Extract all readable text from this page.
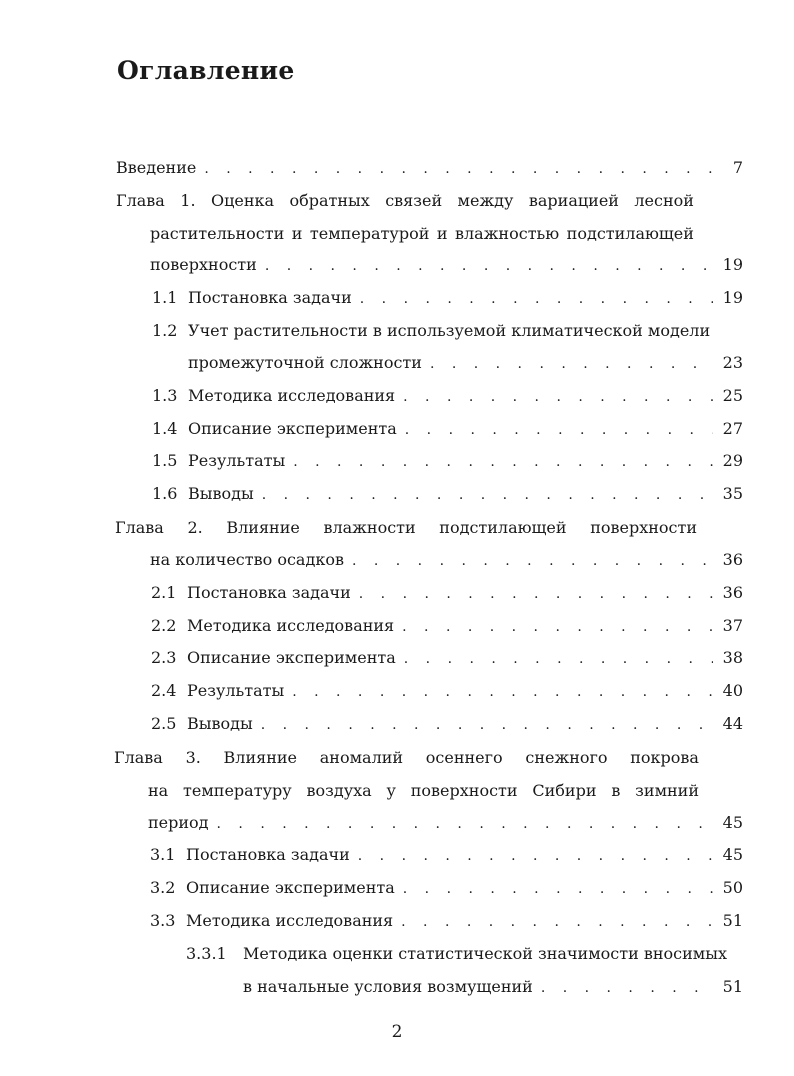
Оглавление
Введение . . .	7
Глава 1. Оценка обратных связей между вариацией лесной
растительности и температурой и влажностью подстилающей
поверхности . . .	19
1.1 Постановка задачи . . .	19
1.2 Учет растительности в используемой климатической модели
промежуточной сложности . . .	23
1.3 Методика исследования . . .	25
1.4 Описание эксперимента . . .	27
1.5 Результаты . . .	29
1.6 Выводы . . .	35
Глава 2. Влияние влажности подстилающей поверхности
на количество осадков . . .	36
2.1 Постановка задачи . . .	36
2.2 Методика исследования . . .	37
2.3 Описание эксперимента . . .	38
2.4 Результаты . . .	40
2.5 Выводы . . .	44
Глава 3. Влияние аномалий осеннего снежного покрова
на температуру воздуха у поверхности Сибири в зимний
период . . .	45
3.1 Постановка задачи . . .	45
3.2 Описание эксперимента . . .	50
3.3 Методика исследования . . .	51
3.3.1	Методика оценки статистической значимости вносимых
в начальные условия возмущений . . .	51
2
